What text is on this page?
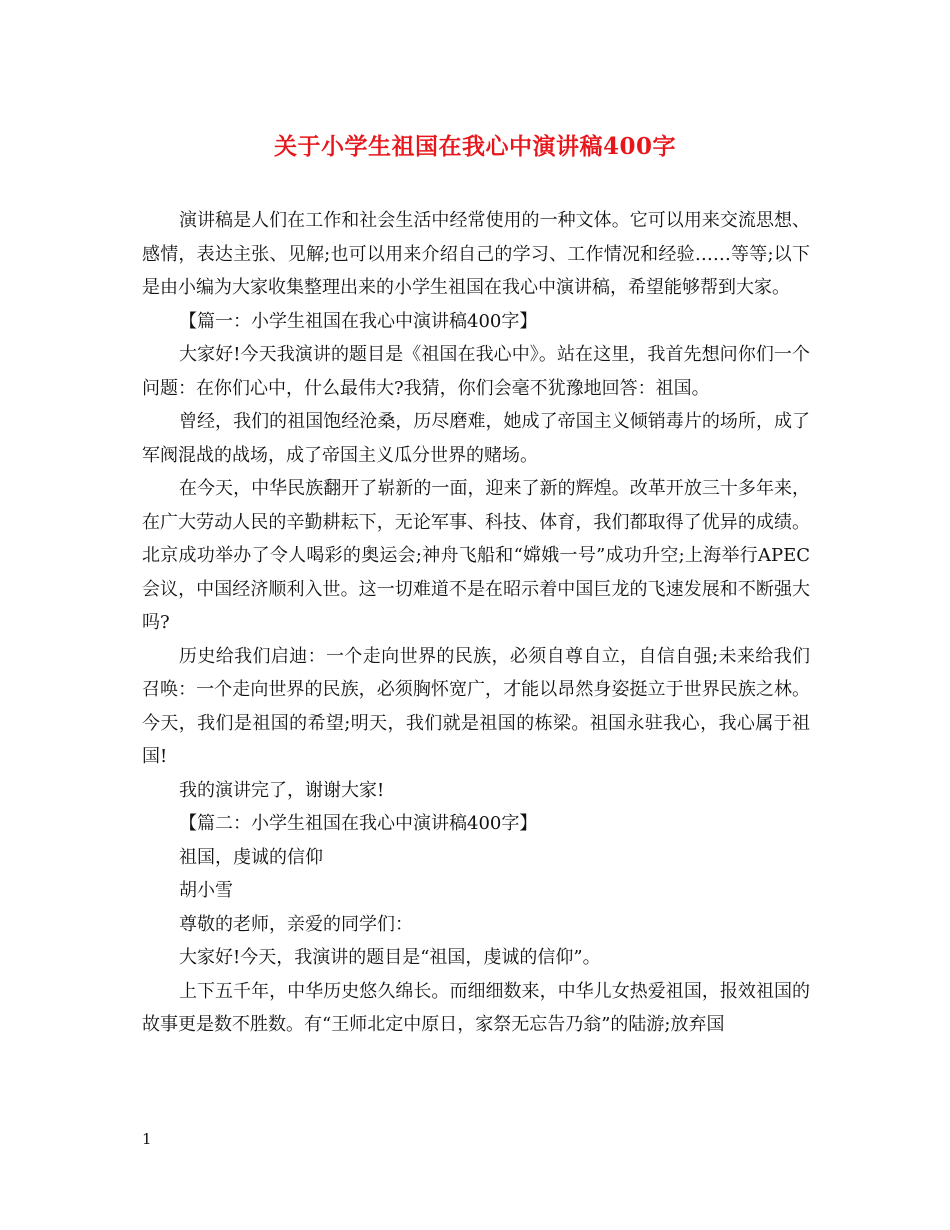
关于小学生祖国在我心中演讲稿400字

演讲稿是人们在工作和社会生活中经常使用的一种文体。它可以用来交流思想、感情，表达主张、见解;也可以用来介绍自己的学习、工作情况和经验……等等;以下是由小编为大家收集整理出来的小学生祖国在我心中演讲稿，希望能够帮到大家。

【篇一：小学生祖国在我心中演讲稿400字】

大家好!今天我演讲的题目是《祖国在我心中》。站在这里，我首先想问你们一个问题：在你们心中，什么最伟大?我猜，你们会毫不犹豫地回答：祖国。

曾经，我们的祖国饱经沧桑，历尽磨难，她成了帝国主义倾销毒片的场所，成了军阀混战的战场，成了帝国主义瓜分世界的赌场。

在今天，中华民族翻开了崭新的一面，迎来了新的辉煌。改革开放三十多年来，在广大劳动人民的辛勤耕耘下，无论军事、科技、体育，我们都取得了优异的成绩。北京成功举办了令人喝彩的奥运会;神舟飞船和“嫦娥一号”成功升空;上海举行APEC会议，中国经济顺利入世。这一切难道不是在昭示着中国巨龙的飞速发展和不断强大吗?

历史给我们启迪：一个走向世界的民族，必须自尊自立，自信自强;未来给我们召唤：一个走向世界的民族，必须胸怀宽广，才能以昂然身姿挺立于世界民族之林。今天，我们是祖国的希望;明天，我们就是祖国的栋梁。祖国永驻我心，我心属于祖国!

我的演讲完了，谢谢大家!

【篇二：小学生祖国在我心中演讲稿400字】

祖国，虔诚的信仰

胡小雪

尊敬的老师，亲爱的同学们：

大家好!今天，我演讲的题目是“祖国，虔诚的信仰”。

上下五千年，中华历史悠久绵长。而细细数来，中华儿女热爱祖国，报效祖国的故事更是数不胜数。有“王师北定中原日，家祭无忘告乃翁”的陆游;放弃国

1
